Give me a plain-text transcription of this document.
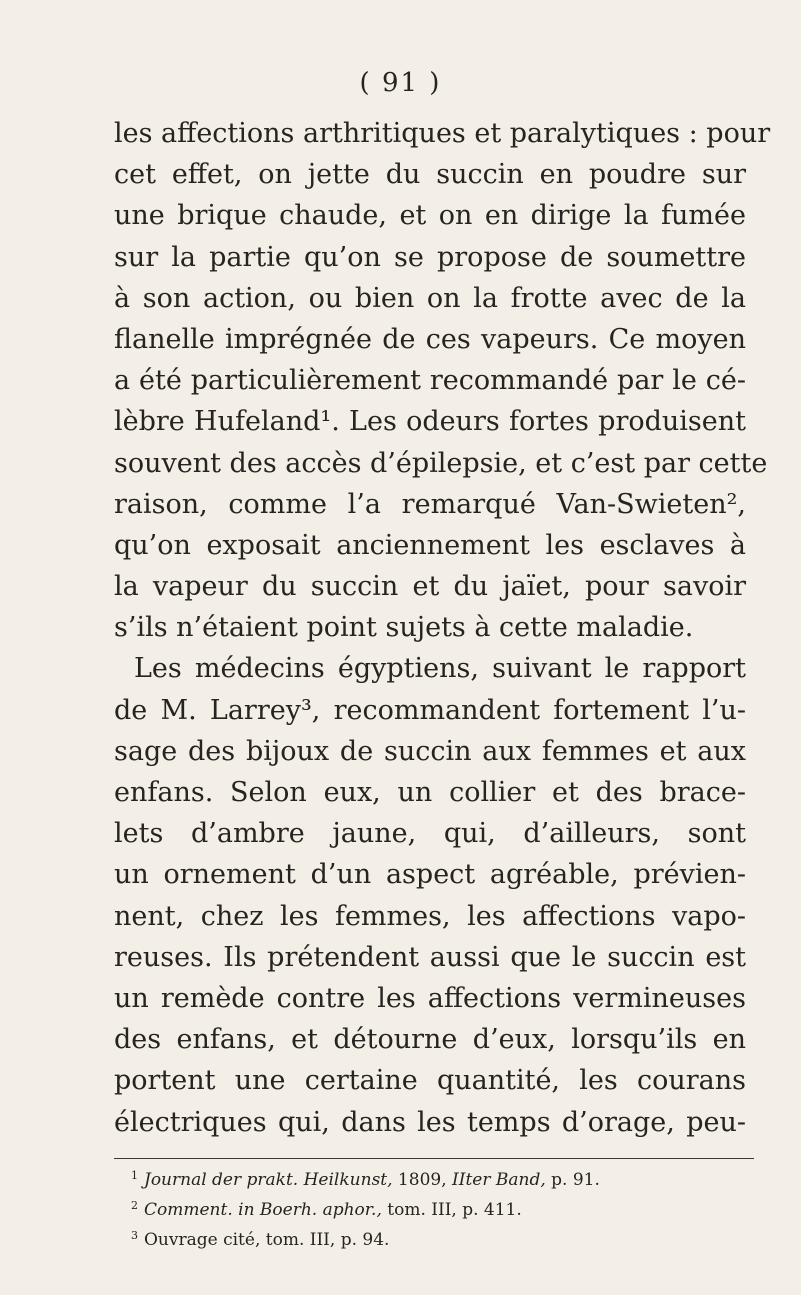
( 91 )
les affections arthritiques et paralytiques : pour
cet effet, on jette du succin en poudre sur
une brique chaude, et on en dirige la fumée
sur la partie qu’on se propose de soumettre
à son action, ou bien on la frotte avec de la
flanelle imprégnée de ces vapeurs. Ce moyen
a été particulièrement recommandé par le cé-
lèbre Hufeland¹. Les odeurs fortes produisent
souvent des accès d’épilepsie, et c’est par cette
raison, comme l’a remarqué Van-Swieten²,
qu’on exposait anciennement les esclaves à
la vapeur du succin et du jaïet, pour savoir
s’ils n’étaient point sujets à cette maladie.
Les médecins égyptiens, suivant le rapport
de M. Larrey³, recommandent fortement l’u-
sage des bijoux de succin aux femmes et aux
enfans. Selon eux, un collier et des brace-
lets d’ambre jaune, qui, d’ailleurs, sont
un ornement d’un aspect agréable, prévien-
nent, chez les femmes, les affections vapo-
reuses. Ils prétendent aussi que le succin est
un remède contre les affections vermineuses
des enfans, et détourne d’eux, lorsqu’ils en
portent une certaine quantité, les courans
électriques qui, dans les temps d’orage, peu-
1 Journal der prakt. Heilkunst, 1809, IIter Band, p. 91.
2 Comment. in Boerh. aphor., tom. III, p. 411.
3 Ouvrage cité, tom. III, p. 94.
